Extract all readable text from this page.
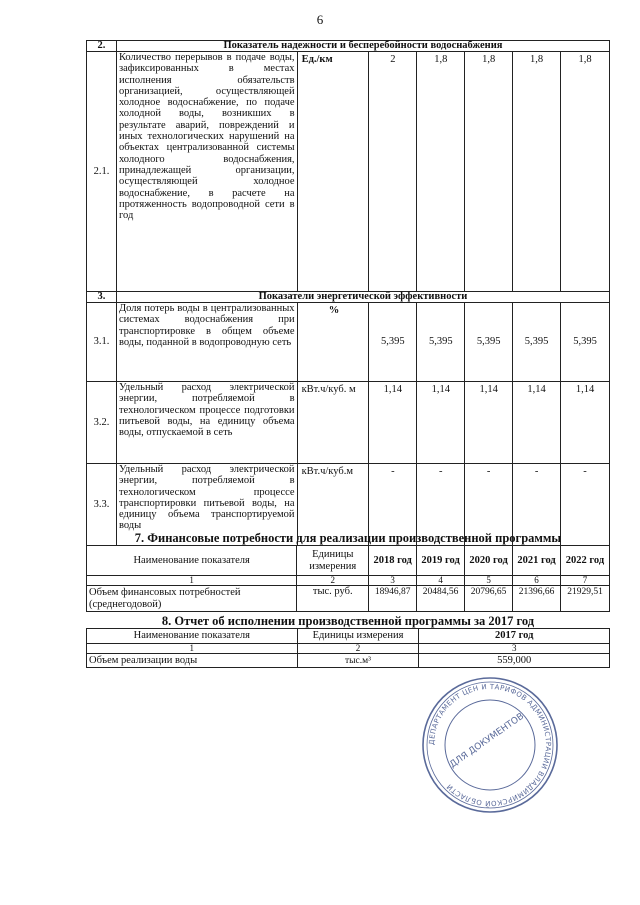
6
2.	Показатель надежности и бесперебойности водоснабжения						
2.1.	Количество перерывов в подаче воды, зафиксированных в местах исполнения обязательств организацией, осуществляющей холодное водоснабжение, по подаче холодной воды, возникших в результате аварий, повреждений и иных технологических нарушений на объектах централизованной системы холодного водоснабжения, принадлежащей организации, осуществляющей холодное водоснабжение, в расчете на протяженность водопроводной сети в год	Ед./км	2	1,8	1,8	1,8	1,8
3.	Показатели энергетической эффективности						
3.1.	Доля потерь воды в централизованных системах водоснабжения при транспортировке в общем объеме воды, поданной в водопроводную сеть	%	5,395	5,395	5,395	5,395	5,395
3.2.	Удельный расход электрической энергии, потребляемой в технологическом процессе подготовки питьевой воды, на единицу объема воды, отпускаемой в сеть	кВт.ч/куб. м	1,14	1,14	1,14	1,14	1,14
3.3.	Удельный расход электрической энергии, потребляемой в технологическом процессе транспортировки питьевой воды, на единицу объема транспортируемой воды	кВт.ч/куб.м	-	-	-	-	-
7. Финансовые потребности для реализации производственной программы
Наименование показателя	Единицы измерения	2018 год	2019 год	2020 год	2021 год	2022 год
1	2	3	4	5	6	7
Объем финансовых потребностей (среднегодовой)	тыс. руб.	18946,87	20484,56	20796,65	21396,66	21929,51
8. Отчет об исполнении производственной программы за 2017 год
Наименование показателя	Единицы измерения	2017 год
1	2	3
Объем реализации воды	тыс.м³	559,000
ДЕПАРТАМЕНТ ЦЕН И ТАРИФОВ АДМИНИСТРАЦИИ ВЛАДИМИРСКОЙ ОБЛАСТИ
ДЛЯ ДОКУМЕНТОВ
